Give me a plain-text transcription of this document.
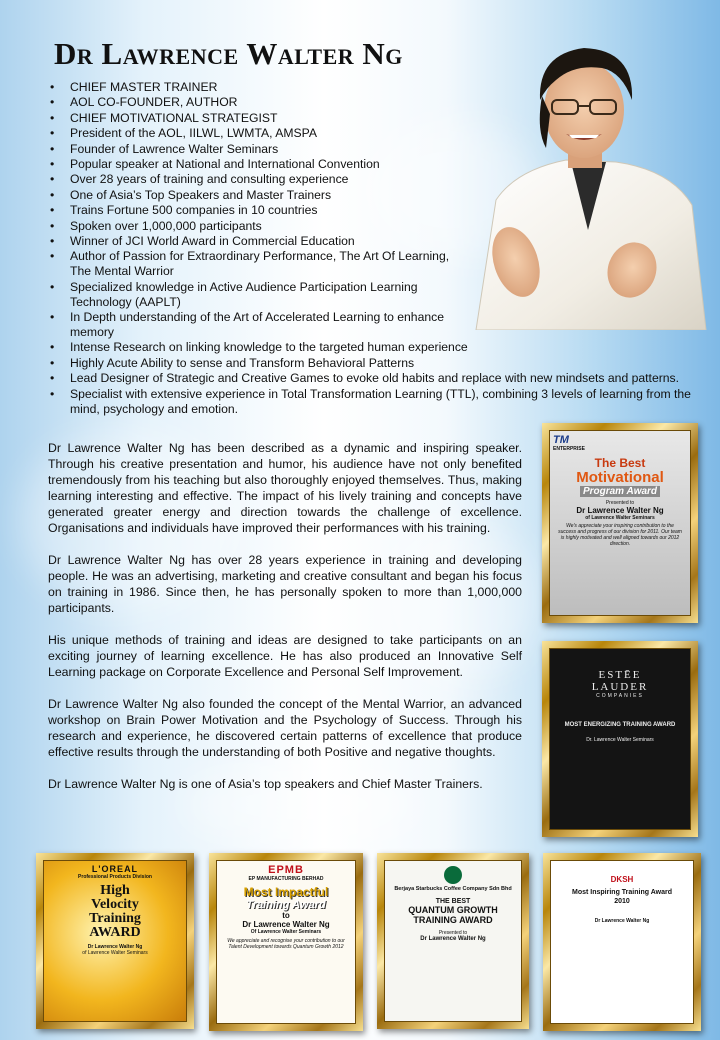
Dr Lawrence Walter Ng
• CHIEF MASTER TRAINER
• AOL CO-FOUNDER, AUTHOR
• CHIEF MOTIVATIONAL STRATEGIST
• President of the AOL, IILWL, LWMTA, AMSPA
• Founder of Lawrence Walter Seminars
• Popular speaker at National and International Convention
• Over 28 years of training and consulting experience
• One of Asia’s Top Speakers and Master Trainers
• Trains Fortune 500 companies in 10 countries
• Spoken over 1,000,000 participants
• Winner of JCI World Award in Commercial Education
• Author of Passion for Extraordinary Performance, The Art Of Learning, The Mental Warrior
• Specialized knowledge in Active Audience Participation Learning Technology (AAPLT)
• In Depth understanding of the Art of Accelerated Learning to enhance memory
• Intense Research on linking knowledge to the targeted human experience
• Highly Acute Ability to sense and Transform Behavioral Patterns
• Lead Designer of Strategic and Creative Games to evoke old habits and replace with new mindsets and patterns.
• Specialist with extensive experience in Total Transformation Learning (TTL), combining 3 levels of learning from the mind, psychology and emotion.

Dr Lawrence Walter Ng has been described as a dynamic and inspiring speaker. Through his creative presentation and humor, his audience have not only benefited tremendously from his teaching but also thoroughly enjoyed themselves. Thus, making learning interesting and effective. The impact of his lively training and concepts have generated greater energy and direction towards the challenge of excellence. Organisations and individuals have improved their performances with his training.

Dr Lawrence Walter Ng has over 28 years experience in training and developing people. He was an advertising, marketing and creative consultant and began his focus on training in 1986. Since then, he has personally spoken to more than 1,000,000 participants.

His unique methods of training and ideas are designed to take participants on an exciting journey of learning excellence. He has also produced an Innovative Self Learning package on Corporate Excellence and Personal Self Improvement.

Dr Lawrence Walter Ng also founded the concept of the Mental Warrior, an advanced workshop on Brain Power Motivation and the Psychology of Success. Through his research and experience, he discovered certain patterns of excellence that produce effective results through the understanding of both Positive and negative thoughts.

Dr Lawrence Walter Ng is one of Asia’s top speakers and Chief Master Trainers.

TM
ENTERPRISE
The Best
Motivational
Program Award
Presented to
Dr Lawrence Walter Ng
of Lawrence Walter Seminars
We's appreciate your inspiring contribution to the success and progress of our division for 2011. Our team is highly motivated and well aligned towards our 2012 direction.
ESTĒE
LAUDER
COMPANIES
MOST ENERGIZING TRAINING AWARD
Dr. Lawrence Walter Seminars
L'OREAL
Professional Products Division
High
Velocity
Training
AWARD
Dr Lawrence Walter Ng
of Lawrence Walter Seminars
EPMB
EP MANUFACTURING BERHAD
Most Impactful
Training Award
to
Dr Lawrence Walter Ng
Of Lawrence Walter Seminars
We appreciate and recognise your contribution to our Talent Development towards Quantum Growth 2012
Berjaya Starbucks Coffee Company Sdn Bhd
THE BEST
QUANTUM GROWTH
TRAINING AWARD
Presented to
Dr Lawrence Walter Ng
DKSH
Most Inspiring Training Award 2010
Dr Lawrence Walter Ng
